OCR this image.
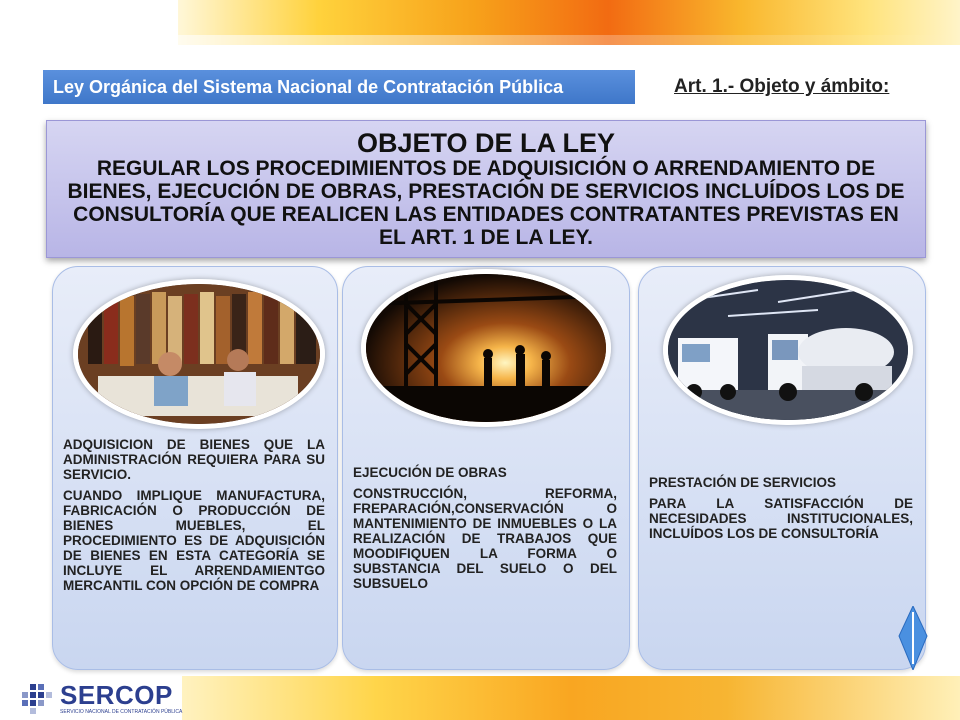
Ley Orgánica del Sistema Nacional de Contratación Pública	Art. 1.- Objeto y ámbito:
OBJETO DE LA LEY
REGULAR LOS PROCEDIMIENTOS DE ADQUISICIÓN O ARRENDAMIENTO DE BIENES, EJECUCIÓN DE OBRAS, PRESTACIÓN DE SERVICIOS INCLUÍDOS LOS DE CONSULTORÍA QUE REALICEN LAS ENTIDADES CONTRATANTES PREVISTAS EN EL ART. 1 DE LA LEY.

ADQUISICION DE BIENES QUE LA ADMINISTRACIÓN REQUIERA PARA SU SERVICIO.

CUANDO IMPLIQUE MANUFACTURA, FABRICACIÓN O PRODUCCIÓN DE BIENES MUEBLES, EL PROCEDIMIENTO ES DE ADQUISICIÓN DE BIENES EN ESTA CATEGORÍA SE INCLUYE EL ARRENDAMIENTGO MERCANTIL CON OPCIÓN DE COMPRA

EJECUCIÓN DE OBRAS

CONSTRUCCIÓN, REFORMA, FREPARACIÓN,CONSERVACIÓN O MANTENIMIENTO DE INMUEBLES O LA REALIZACIÓN DE TRABAJOS QUE MOODIFIQUEN LA FORMA O SUBSTANCIA DEL SUELO O DEL SUBSUELO

PRESTACIÓN DE SERVICIOS

PARA LA SATISFACCIÓN DE NECESIDADES INSTITUCIONALES, INCLUÍDOS LOS DE CONSULTORÍA

SERCOP
SERVICIO NACIONAL DE CONTRATACIÓN PÚBLICA
